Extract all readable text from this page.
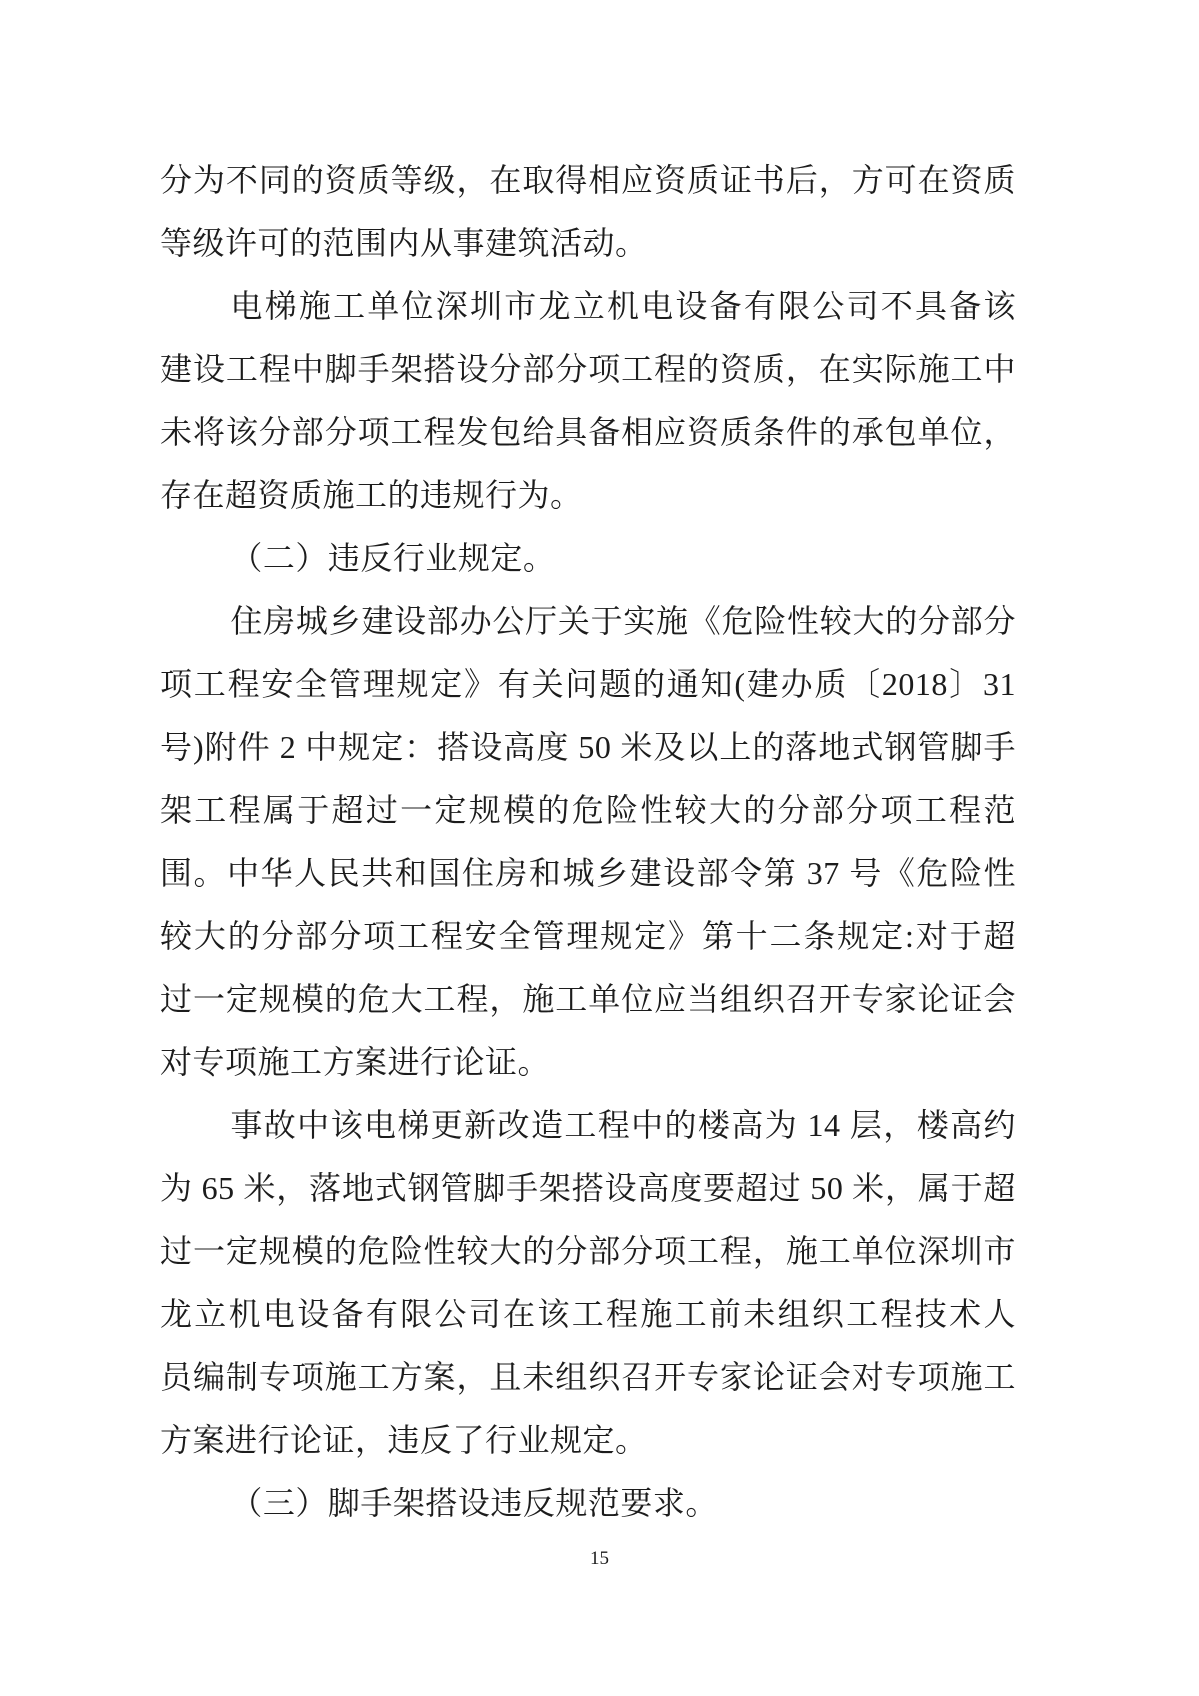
分为不同的资质等级，在取得相应资质证书后，方可在资质
等级许可的范围内从事建筑活动。
电梯施工单位深圳市龙立机电设备有限公司不具备该
建设工程中脚手架搭设分部分项工程的资质，在实际施工中
未将该分部分项工程发包给具备相应资质条件的承包单位，
存在超资质施工的违规行为。
（二）违反行业规定。
住房城乡建设部办公厅关于实施《危险性较大的分部分
项工程安全管理规定》有关问题的通知(建办质〔2018〕31
号)附件 2 中规定：搭设高度 50 米及以上的落地式钢管脚手
架工程属于超过一定规模的危险性较大的分部分项工程范
围。中华人民共和国住房和城乡建设部令第 37 号《危险性
较大的分部分项工程安全管理规定》第十二条规定:对于超
过一定规模的危大工程，施工单位应当组织召开专家论证会
对专项施工方案进行论证。
事故中该电梯更新改造工程中的楼高为 14 层，楼高约
为 65 米，落地式钢管脚手架搭设高度要超过 50 米，属于超
过一定规模的危险性较大的分部分项工程，施工单位深圳市
龙立机电设备有限公司在该工程施工前未组织工程技术人
员编制专项施工方案，且未组织召开专家论证会对专项施工
方案进行论证，违反了行业规定。
（三）脚手架搭设违反规范要求。
15
